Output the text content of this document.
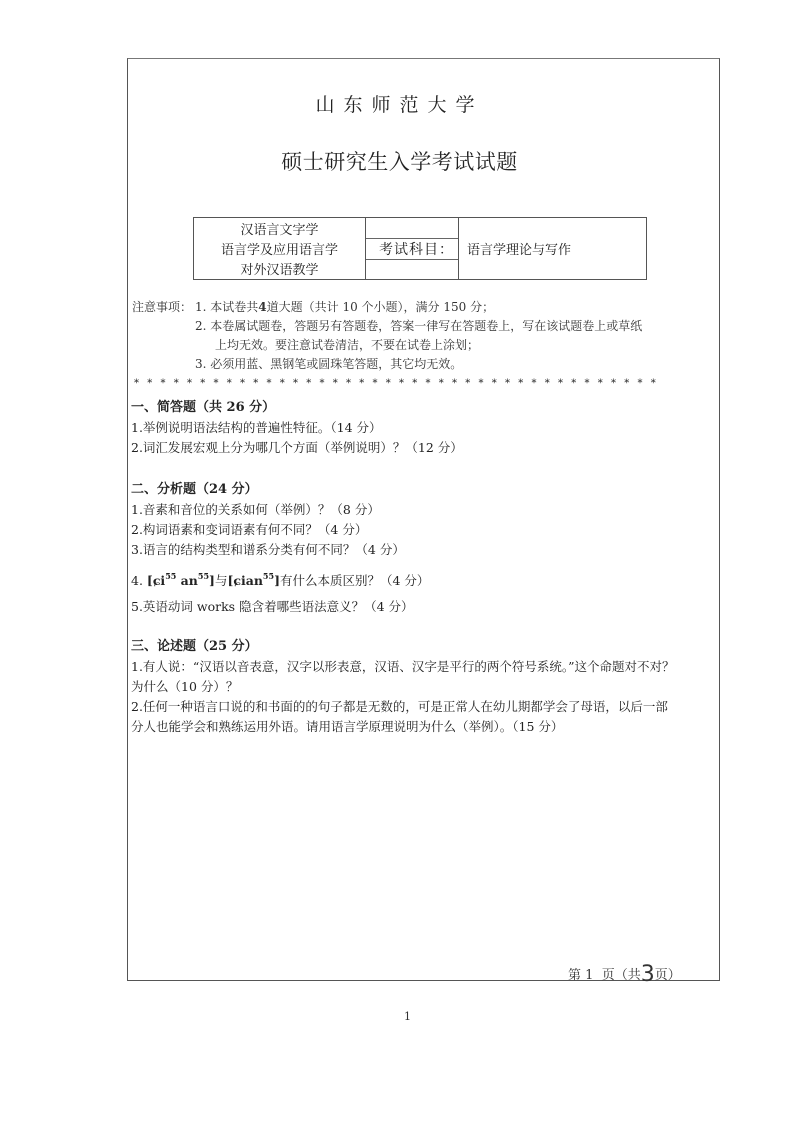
山东师范大学
硕士研究生入学考试试题
汉语言文字学
语言学及应用语言学
对外汉语教学
考试科目：	语言学理论与写作
注意事项： 1. 本试卷共4道大题（共计 10 个小题），满分 150 分；
2. 本卷属试题卷，答题另有答题卷，答案一律写在答题卷上，写在该试题卷上或草纸
上均无效。要注意试卷清洁，不要在试卷上涂划；
3. 必须用蓝、黑钢笔或圆珠笔答题，其它均无效。
* * * * * * * * * * * * * * * * * * * * * * * * * * * * * * * * * * * * * * * *
一、简答题（共 26 分）
1.举例说明语法结构的普遍性特征。（14 分）
2.词汇发展宏观上分为哪几个方面（举例说明）？（12 分）
二、分析题（24 分）
1.音素和音位的关系如何（举例）？（8 分）
2.构词语素和变词语素有何不同？（4 分）
3.语言的结构类型和谱系分类有何不同？（4 分）
4. [ɕi$^{55}$ $an^{55}$]与[ɕian$^{55}$]有什么本质区别？（4 分）
5.英语动词 works 隐含着哪些语法意义？（4 分）
三、论述题（25 分）
1.有人说：“汉语以音表意，汉字以形表意，汉语、汉字是平行的两个符号系统。”这个命题对不对？
为什么（10 分）？
2.任何一种语言口说的和书面的的句子都是无数的，可是正常人在幼儿期都学会了母语，以后一部
分人也能学会和熟练运用外语。请用语言学原理说明为什么（举例）。（15 分）
第 1 页（共3页）
1
